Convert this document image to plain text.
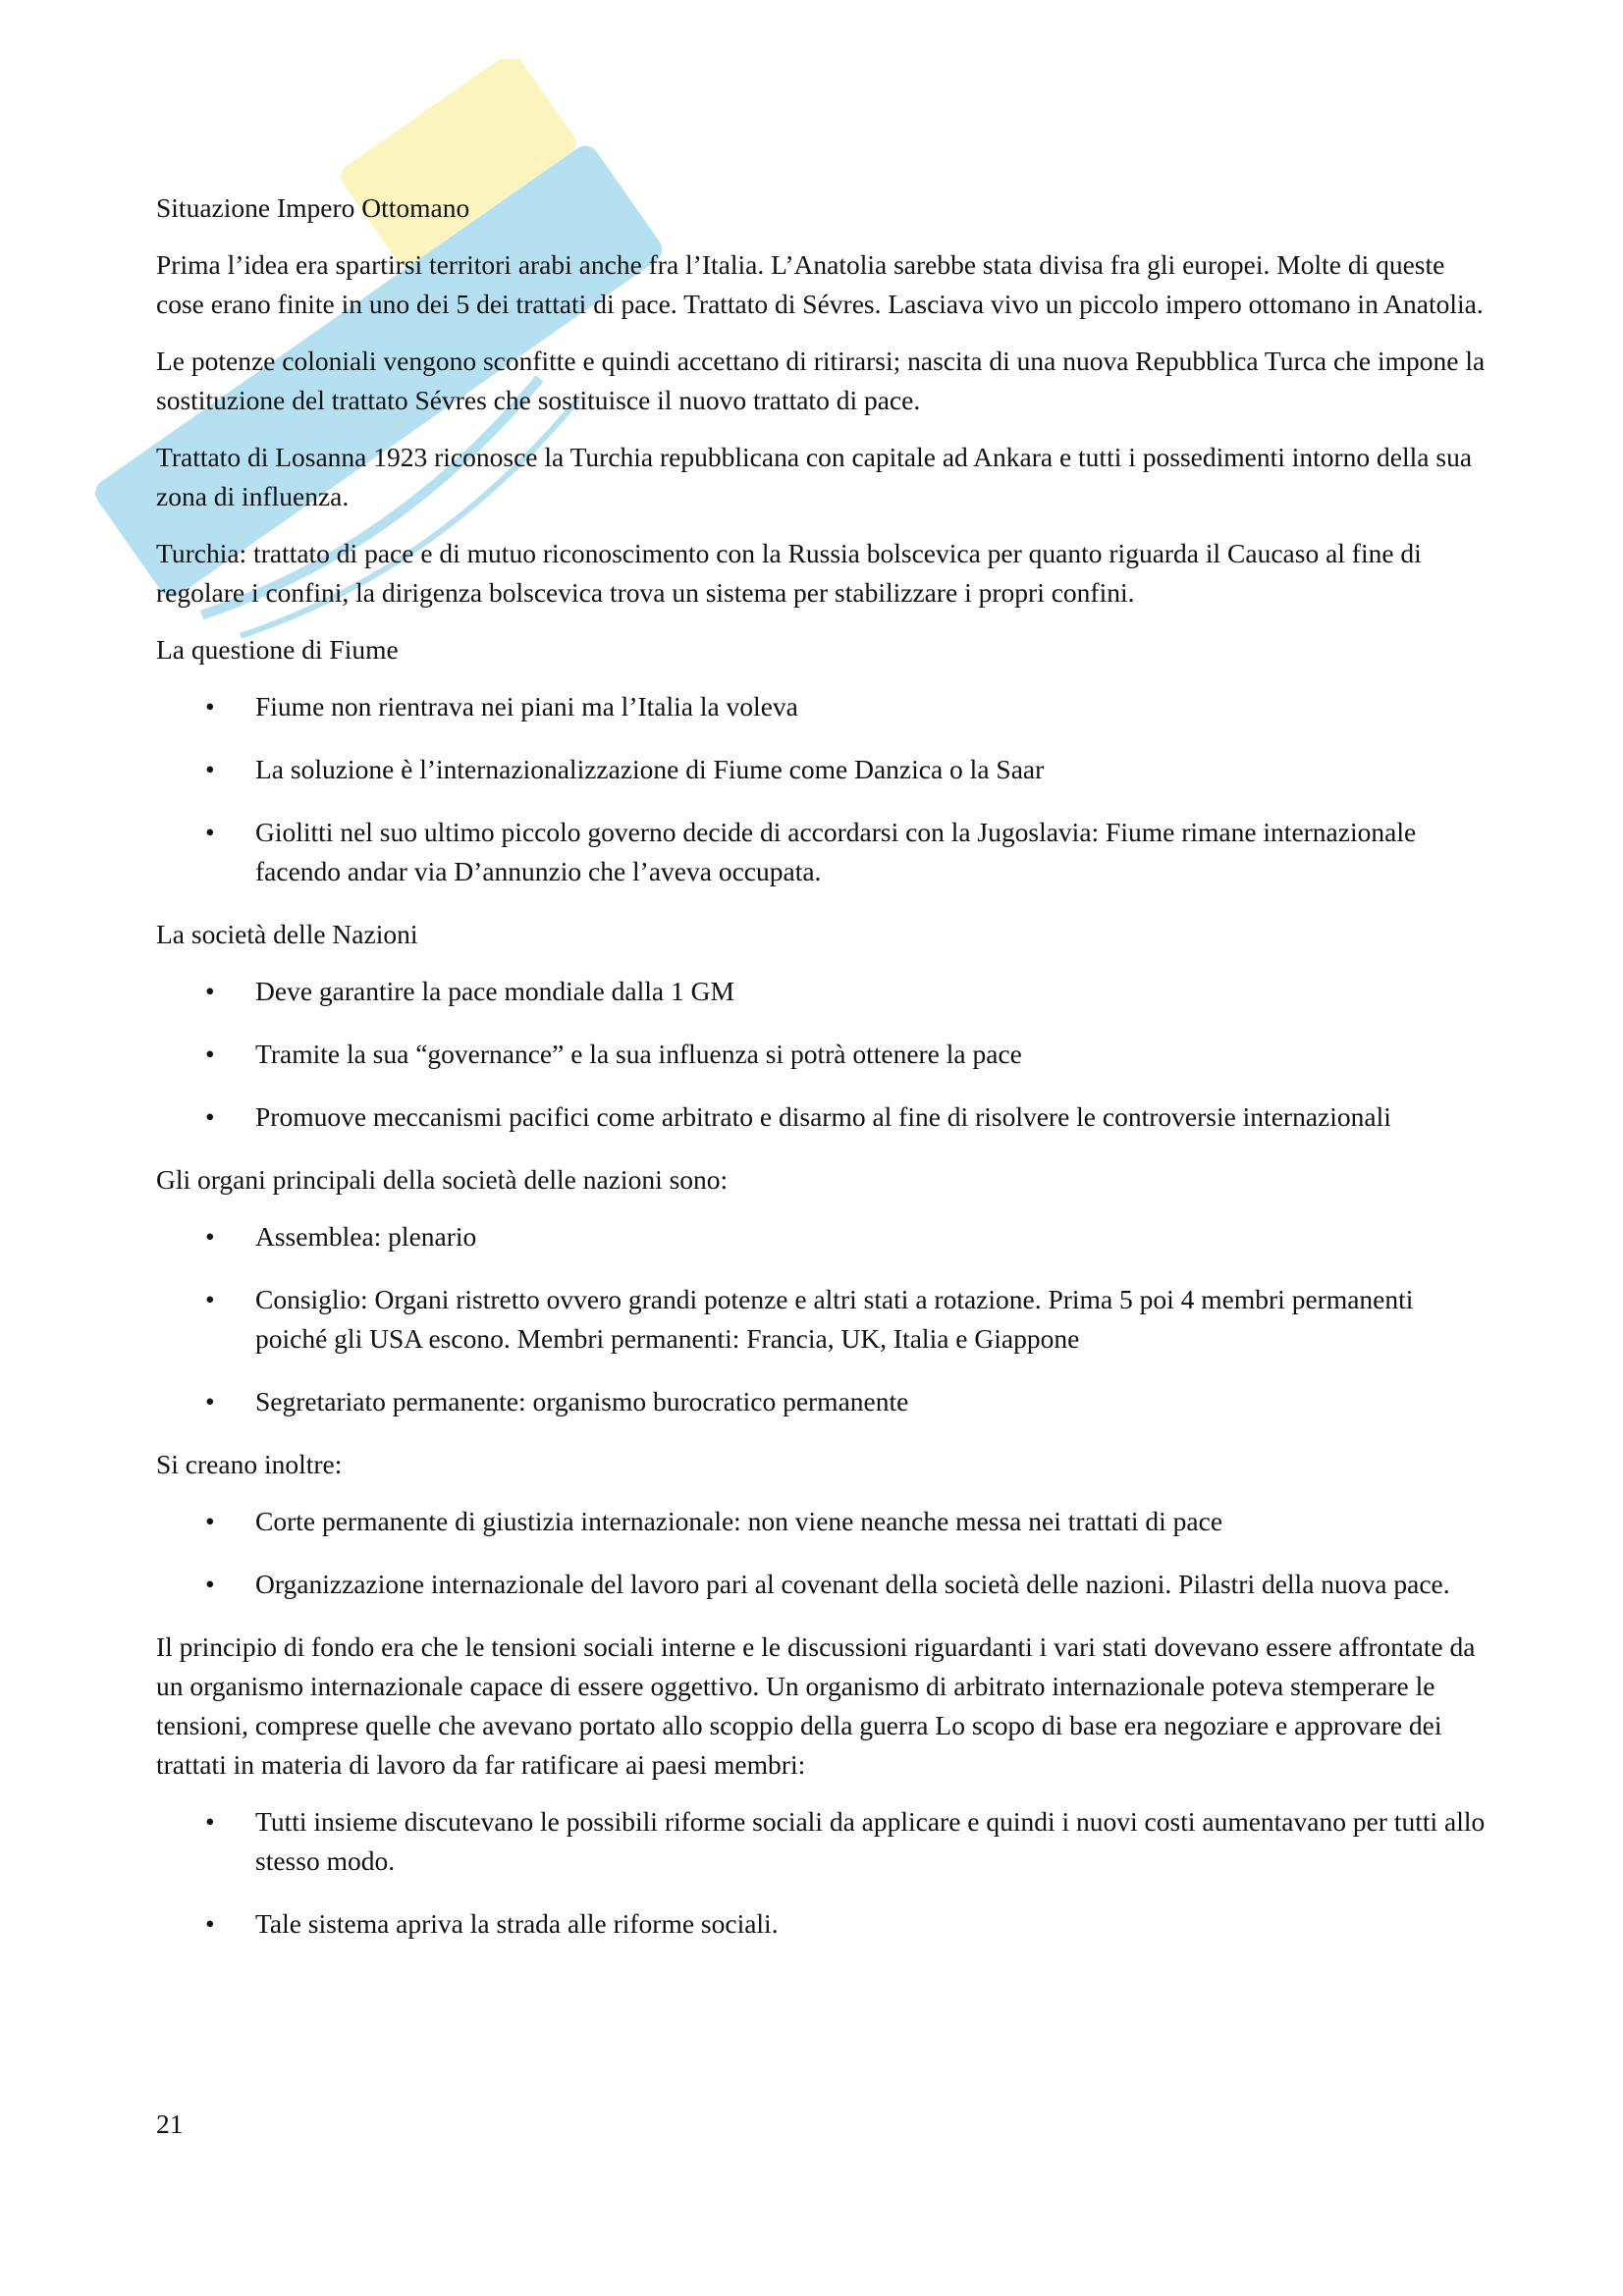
Situazione Impero Ottomano

Prima l’idea era spartirsi territori arabi anche fra l’Italia. L’Anatolia sarebbe stata divisa fra gli europei. Molte di queste cose erano finite in uno dei 5 dei trattati di pace. Trattato di Sévres. Lasciava vivo un piccolo impero ottomano in Anatolia.

Le potenze coloniali vengono sconfitte e quindi accettano di ritirarsi; nascita di una nuova Repubblica Turca che impone la sostituzione del trattato Sévres che sostituisce il nuovo trattato di pace.

Trattato di Losanna 1923 riconosce la Turchia repubblicana con capitale ad Ankara e tutti i possedimenti intorno della sua zona di influenza.

Turchia: trattato di pace e di mutuo riconoscimento con la Russia bolscevica per quanto riguarda il Caucaso al fine di regolare i confini, la dirigenza bolscevica trova un sistema per stabilizzare i propri confini.

La questione di Fiume

• Fiume non rientrava nei piani ma l’Italia la voleva
• La soluzione è l’internazionalizzazione di Fiume come Danzica o la Saar
• Giolitti nel suo ultimo piccolo governo decide di accordarsi con la Jugoslavia: Fiume rimane internazionale facendo andar via D’annunzio che l’aveva occupata.

La società delle Nazioni

• Deve garantire la pace mondiale dalla 1 GM
• Tramite la sua “governance” e la sua influenza si potrà ottenere la pace
• Promuove meccanismi pacifici come arbitrato e disarmo al fine di risolvere le controversie internazionali

Gli organi principali della società delle nazioni sono:

• Assemblea: plenario
• Consiglio: Organi ristretto ovvero grandi potenze e altri stati a rotazione. Prima 5 poi 4 membri permanenti poiché gli USA escono. Membri permanenti: Francia, UK, Italia e Giappone
• Segretariato permanente: organismo burocratico permanente

Si creano inoltre:

• Corte permanente di giustizia internazionale: non viene neanche messa nei trattati di pace
• Organizzazione internazionale del lavoro pari al covenant della società delle nazioni. Pilastri della nuova pace.

Il principio di fondo era che le tensioni sociali interne e le discussioni riguardanti i vari stati dovevano essere affrontate da un organismo internazionale capace di essere oggettivo. Un organismo di arbitrato internazionale poteva stemperare le tensioni, comprese quelle che avevano portato allo scoppio della guerra Lo scopo di base era negoziare e approvare dei trattati in materia di lavoro da far ratificare ai paesi membri:

• Tutti insieme discutevano le possibili riforme sociali da applicare e quindi i nuovi costi aumentavano per tutti allo stesso modo.
• Tale sistema apriva la strada alle riforme sociali.
21
